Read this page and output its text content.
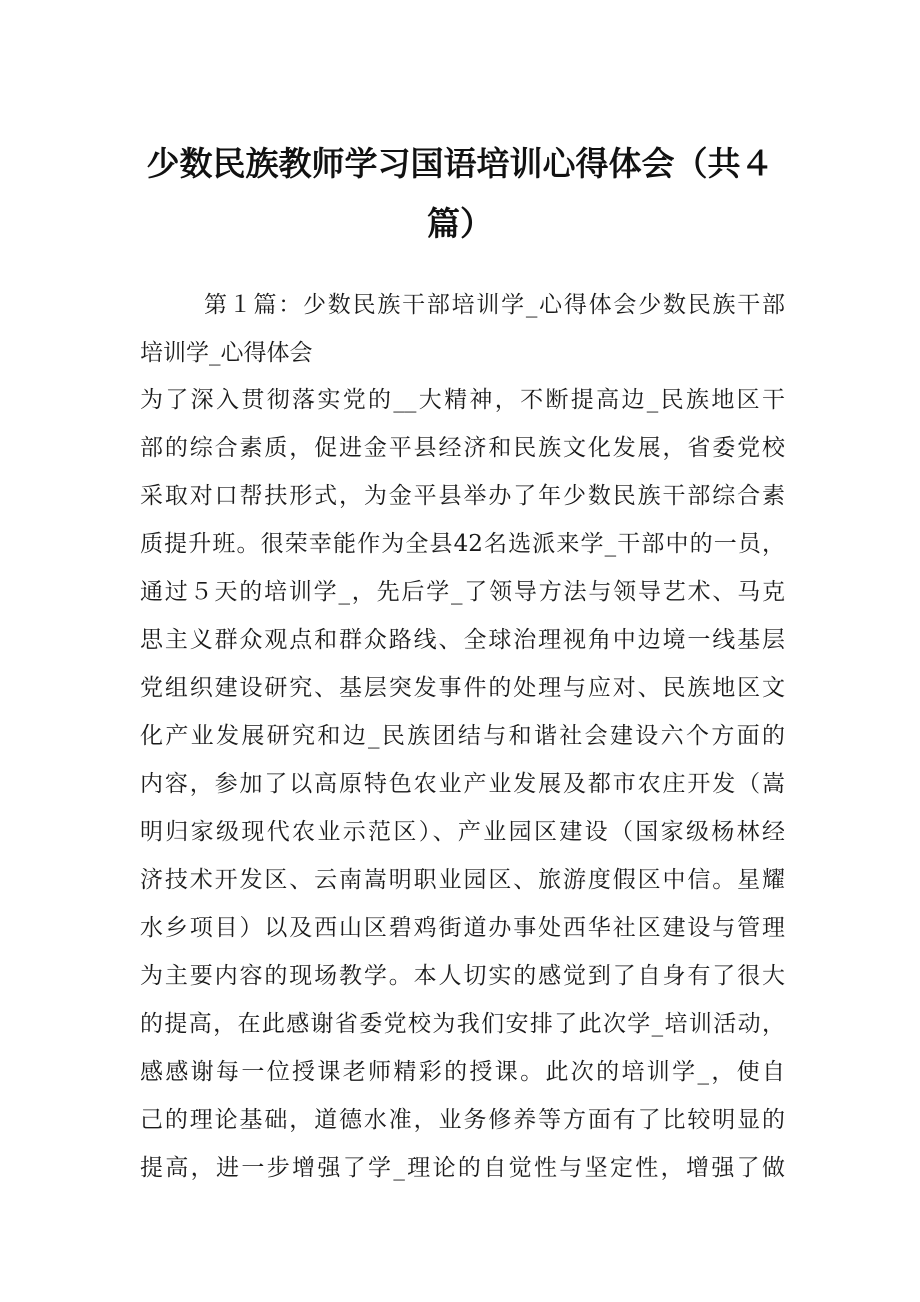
少数民族教师学习国语培训心得体会（共４
篇）
第１篇：少数民族干部培训学_心得体会少数民族干部
培训学_心得体会
为了深入贯彻落实党的__大精神，不断提高边_民族地区干
部的综合素质，促进金平县经济和民族文化发展，省委党校
采取对口帮扶形式，为金平县举办了年少数民族干部综合素
质提升班。很荣幸能作为全县42名选派来学_干部中的一员，
通过５天的培训学_，先后学_了领导方法与领导艺术、马克
思主义群众观点和群众路线、全球治理视角中边境一线基层
党组织建设研究、基层突发事件的处理与应对、民族地区文
化产业发展研究和边_民族团结与和谐社会建设六个方面的
内容，参加了以高原特色农业产业发展及都市农庄开发（嵩
明归家级现代农业示范区）、产业园区建设（国家级杨林经
济技术开发区、云南嵩明职业园区、旅游度假区中信。星耀
水乡项目）以及西山区碧鸡街道办事处西华社区建设与管理
为主要内容的现场教学。本人切实的感觉到了自身有了很大
的提高，在此感谢省委党校为我们安排了此次学_培训活动，
感感谢每一位授课老师精彩的授课。此次的培训学_，使自
己的理论基础，道德水准，业务修养等方面有了比较明显的
提高，进一步增强了学_理论的自觉性与坚定性，增强了做
